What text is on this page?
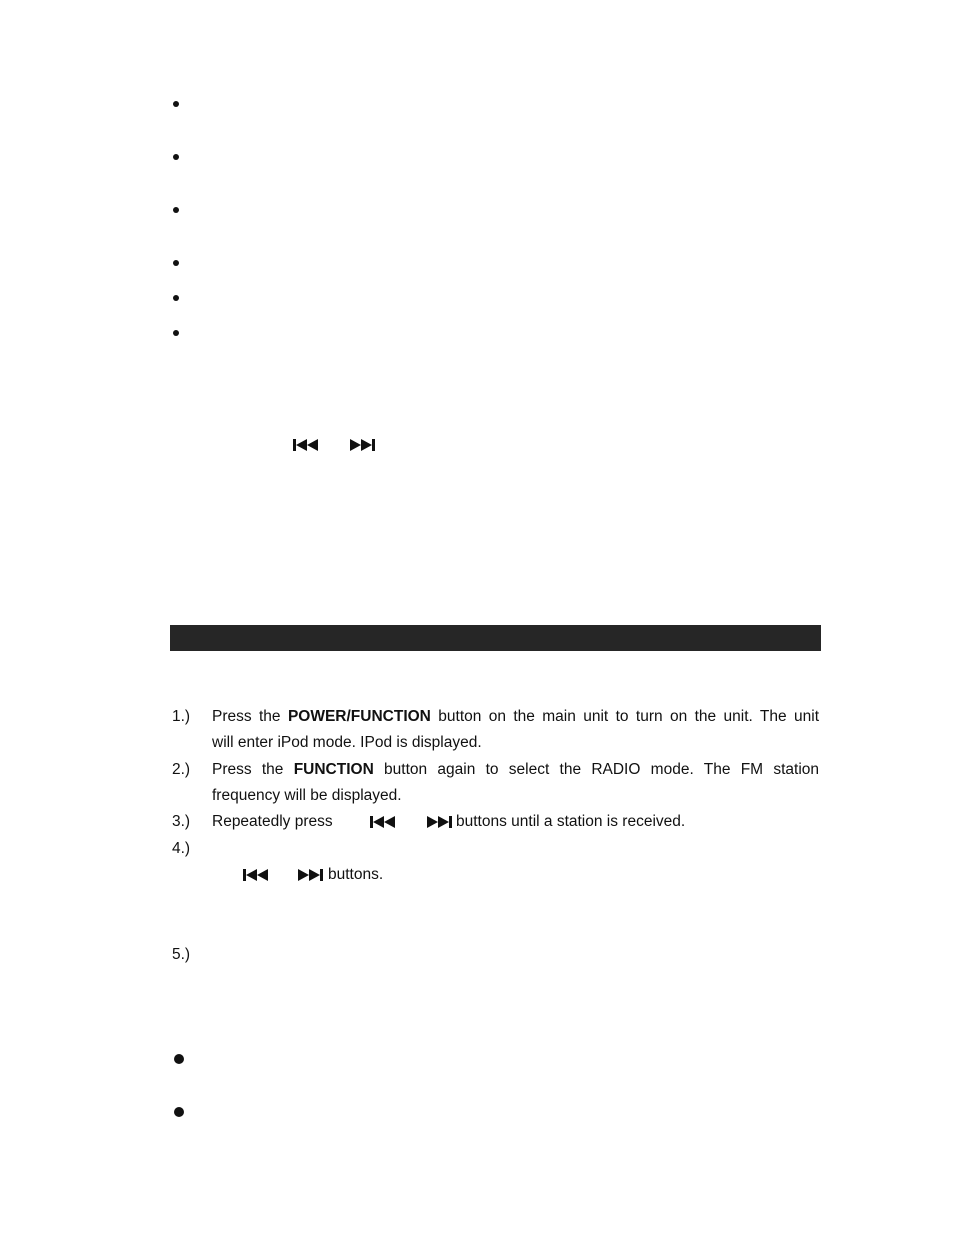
1.) Press the POWER/FUNCTION button on the main unit to turn on the unit. The unit
will enter iPod mode. IPod is displayed.
2.) Press the FUNCTION button again to select the RADIO mode. The FM station
frequency will be displayed.
3.) Repeatedly press	buttons until a station is received.
4.)
buttons.
5.)
